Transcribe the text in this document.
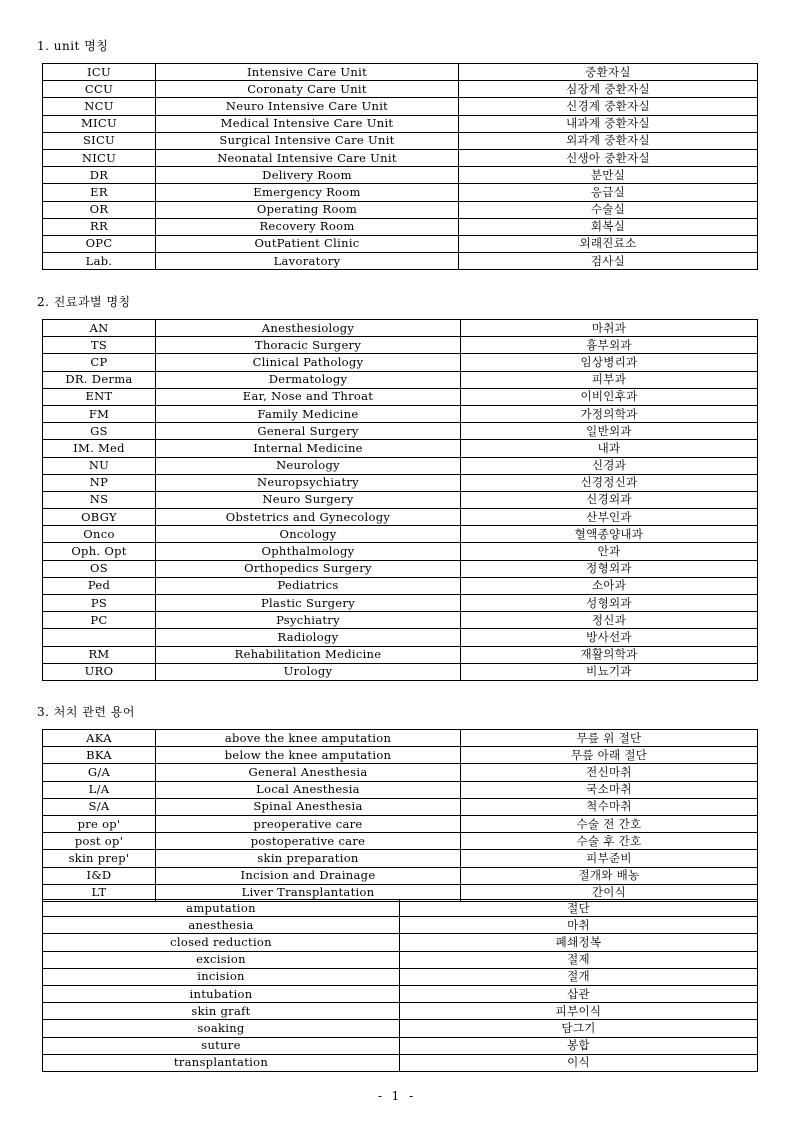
1. unit 명칭
ICU	Intensive Care Unit	중환자실
CCU	Coronaty Care Unit	심장계 중환자실
NCU	Neuro Intensive Care Unit	신경계 중환자실
MICU	Medical Intensive Care Unit	내과계 중환자실
SICU	Surgical Intensive Care Unit	외과계 중환자실
NICU	Neonatal Intensive Care Unit	신생아 중환자실
DR	Delivery Room	분만실
ER	Emergency Room	응급실
OR	Operating Room	수술실
RR	Recovery Room	회복실
OPC	OutPatient Clinic	외래진료소
Lab.	Lavoratory	검사실
2. 진료과별 명칭
AN	Anesthesiology	마취과
TS	Thoracic Surgery	흉부외과
CP	Clinical Pathology	임상병리과
DR. Derma	Dermatology	피부과
ENT	Ear, Nose and Throat	이비인후과
FM	Family Medicine	가정의학과
GS	General Surgery	일반외과
IM. Med	Internal Medicine	내과
NU	Neurology	신경과
NP	Neuropsychiatry	신경정신과
NS	Neuro Surgery	신경외과
OBGY	Obstetrics and Gynecology	산부인과
Onco	Oncology	혈액종양내과
Oph. Opt	Ophthalmology	안과
OS	Orthopedics Surgery	정형외과
Ped	Pediatrics	소아과
PS	Plastic Surgery	성형외과
PC	Psychiatry	정신과
	Radiology	방사선과
RM	Rehabilitation Medicine	재활의학과
URO	Urology	비뇨기과
3. 처치 관련 용어
AKA	above the knee amputation	무릎 위 절단
BKA	below the knee amputation	무릎 아래 절단
G/A	General Anesthesia	전신마취
L/A	Local Anesthesia	국소마취
S/A	Spinal Anesthesia	척수마취
pre op'	preoperative care	수술 전 간호
post op'	postoperative care	수술 후 간호
skin prep'	skin preparation	피부준비
I&D	Incision and Drainage	절개와 배농
LT	Liver Transplantation	간이식
amputation	절단
anesthesia	마취
closed reduction	폐쇄정복
excision	절제
incision	절개
intubation	삽관
skin graft	피부이식
soaking	담그기
suture	봉합
transplantation	이식
- 1 -
